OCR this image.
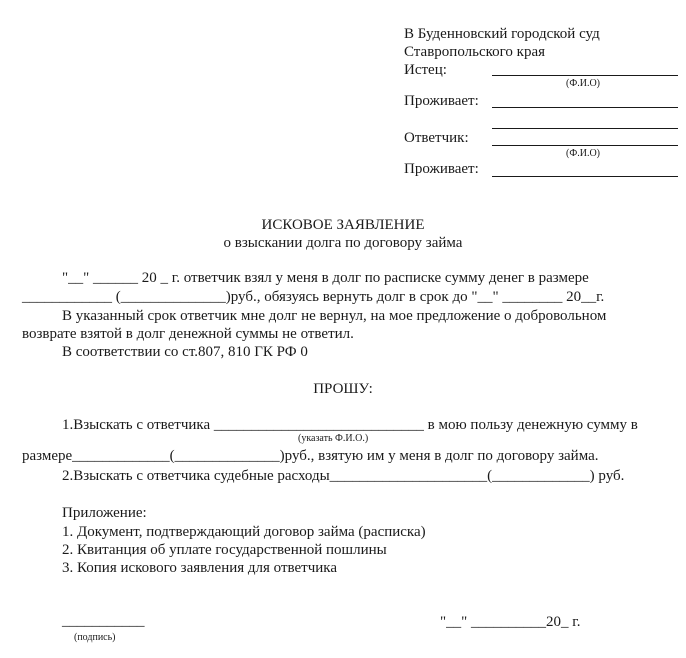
В Буденновский городской суд
Ставропольского края
Истец:
(Ф.И.О)
Проживает:
Ответчик:
(Ф.И.О)
Проживает:
ИСКОВОЕ ЗАЯВЛЕНИЕ
о взыскании долга по договору займа
"__" ______ 20 _ г. ответчик взял у меня в долг по расписке сумму денег в размере
____________ (______________)руб., обязуясь вернуть долг в срок до "__" ________ 20__г.
В указанный срок ответчик мне долг не вернул, на мое предложение о добровольном
возврате взятой в долг денежной суммы не ответил.
В соответствии со ст.807, 810 ГК РФ 0
ПРОШУ:
1.Взыскать с ответчика ____________________________ в мою пользу денежную сумму в
(указать Ф.И.О.)
размере_____________(______________)руб., взятую им у меня в долг по договору займа.
2.Взыскать с ответчика судебные расходы_____________________(_____________) руб.
Приложение:
1. Документ, подтверждающий договор займа (расписка)
2. Квитанция об уплате государственной пошлины
3. Копия искового заявления для ответчика
___________
(подпись)
"__" __________20_ г.
